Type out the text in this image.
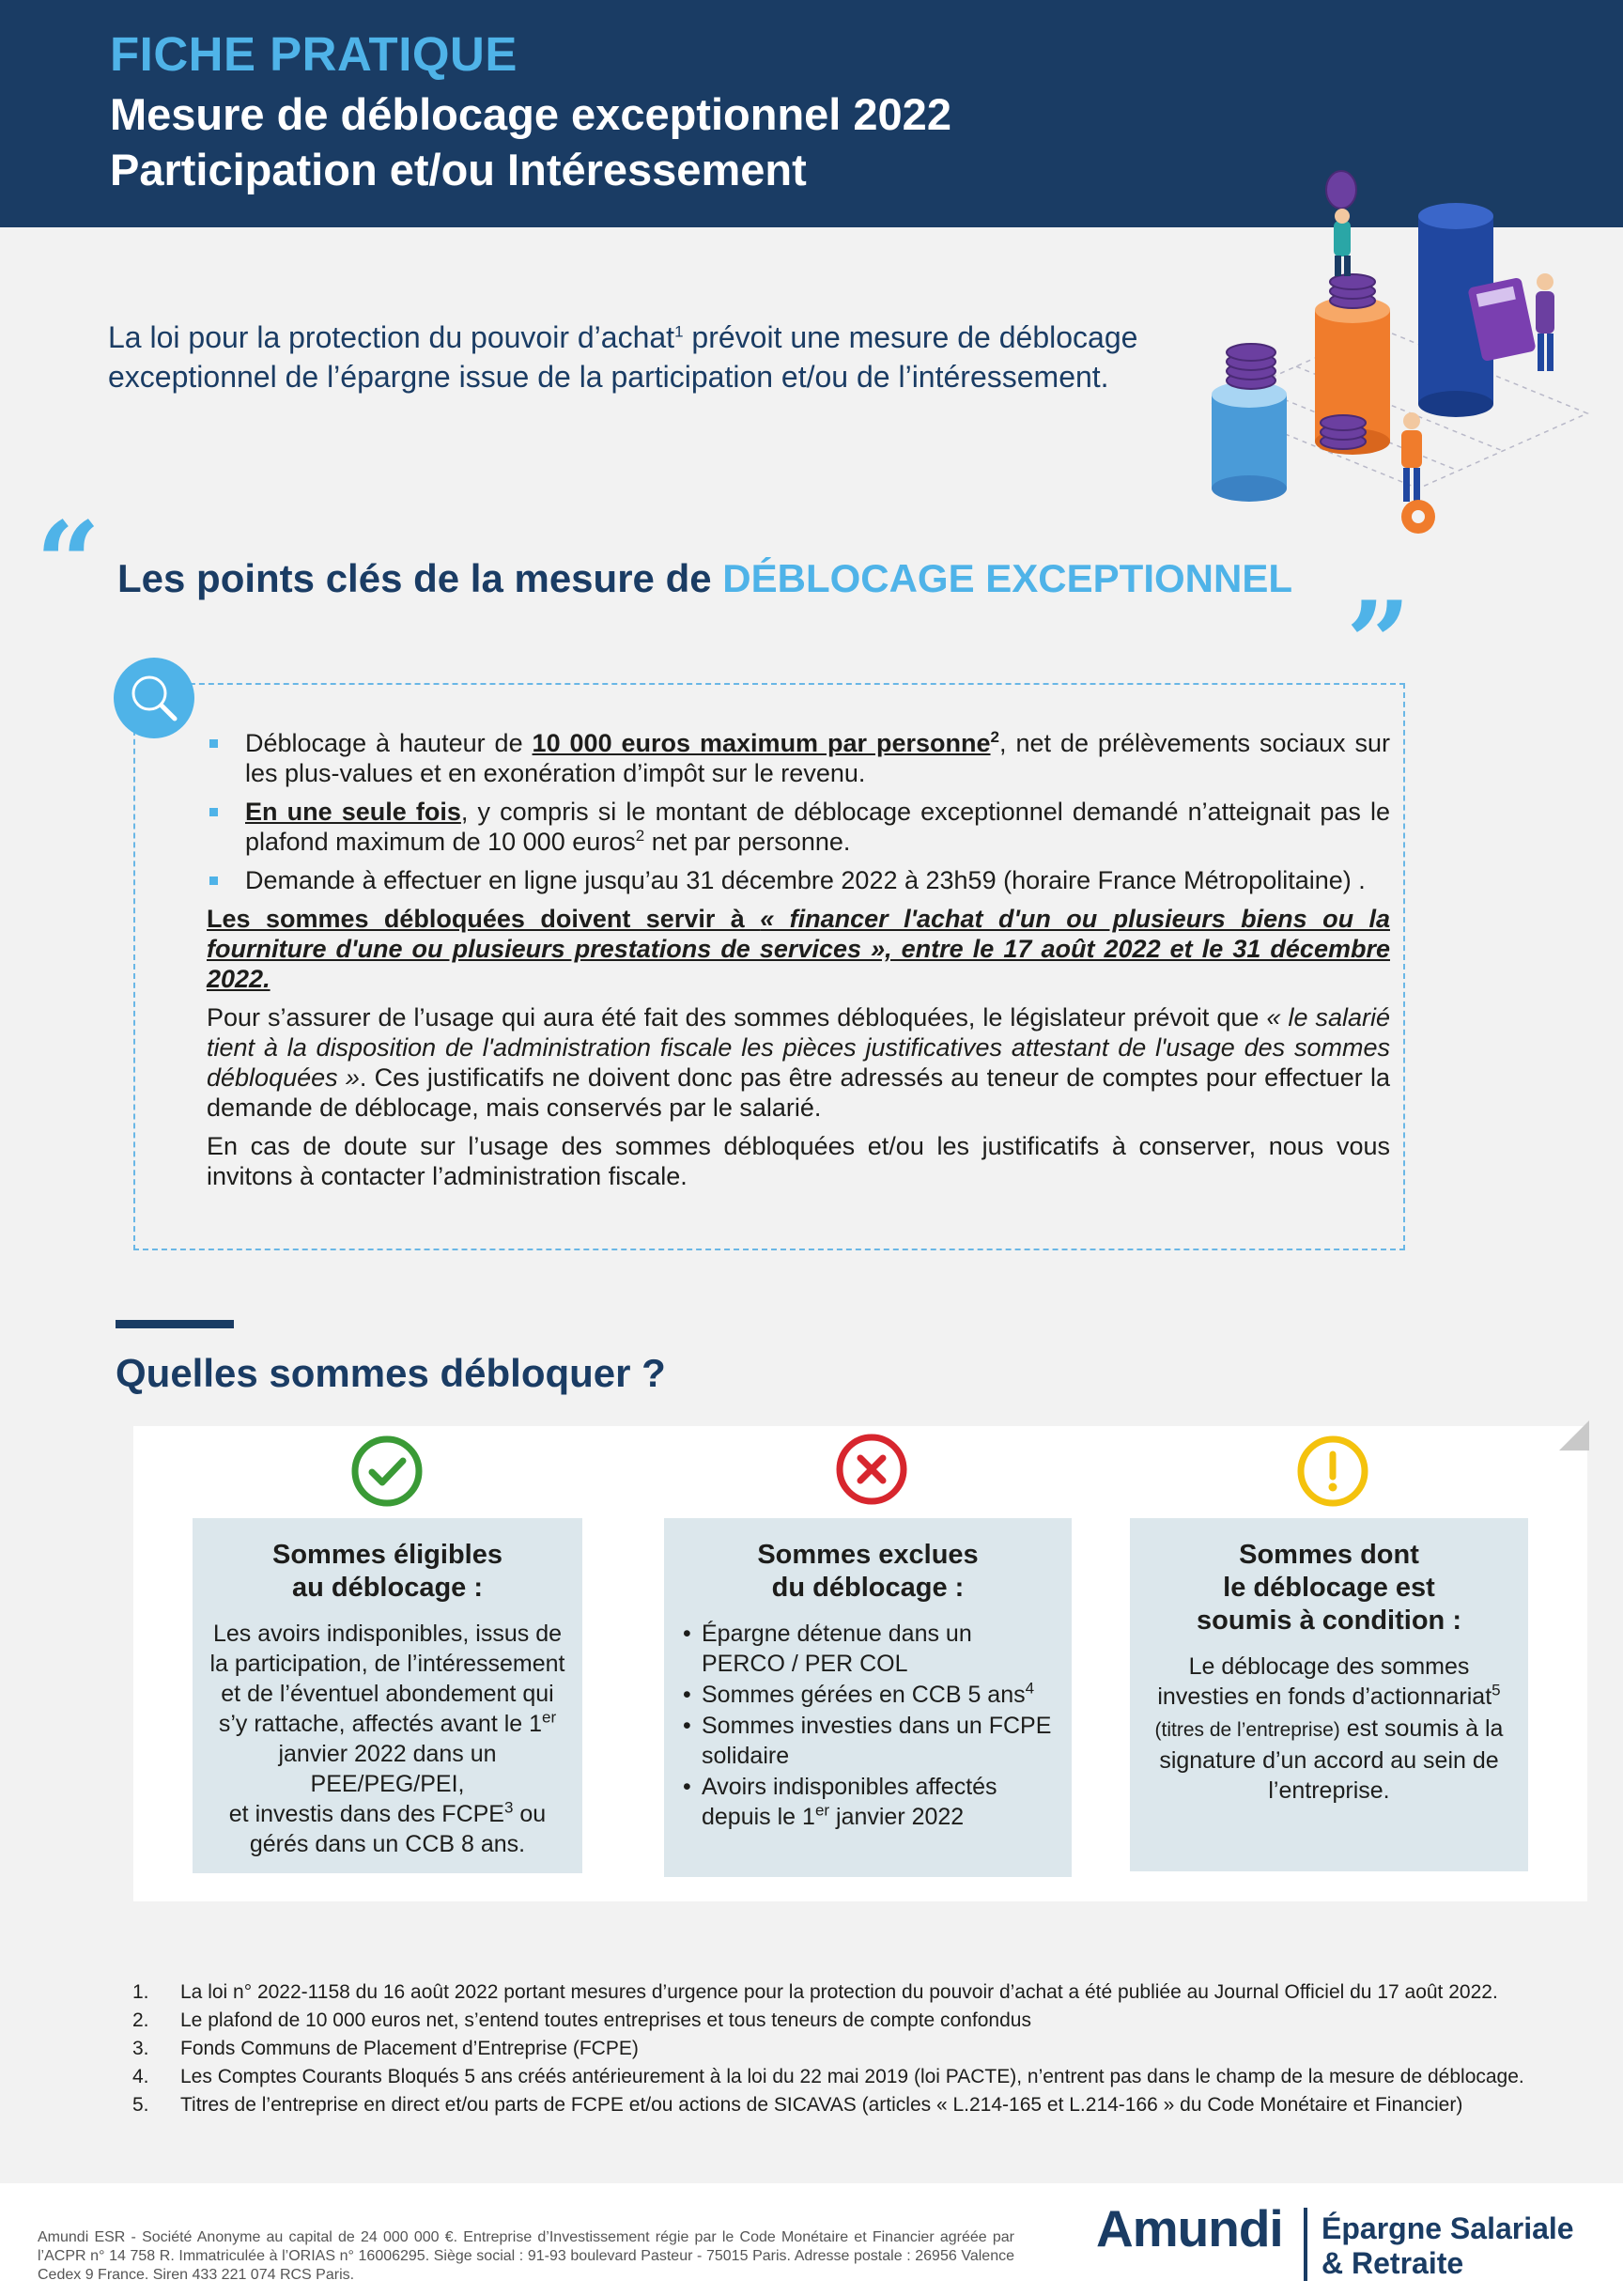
FICHE PRATIQUE
Mesure de déblocage exceptionnel 2022
Participation et/ou Intéressement
La loi pour la protection du pouvoir d’achat$^1$ prévoit une mesure de déblocage exceptionnel de l’épargne issue de la participation et/ou de l’intéressement.
“ Les points clés de la mesure de DÉBLOCAGE EXCEPTIONNEL ”
Déblocage à hauteur de 10 000 euros maximum par personne$^2$, net de prélèvements sociaux sur les plus-values et en exonération d’impôt sur le revenu.
En une seule fois, y compris si le montant de déblocage exceptionnel demandé n’atteignait pas le plafond maximum de 10 000 euros$^2$ net par personne.
Demande à effectuer en ligne jusqu’au 31 décembre 2022 à 23h59 (horaire France Métropolitaine) .

Les sommes débloquées doivent servir à « financer l'achat d'un ou plusieurs biens ou la fourniture d'une ou plusieurs prestations de services », entre le 17 août 2022 et le 31 décembre 2022.

Pour s’assurer de l’usage qui aura été fait des sommes débloquées, le législateur prévoit que « le salarié tient à la disposition de l'administration fiscale les pièces justificatives attestant de l'usage des sommes débloquées ». Ces justificatifs ne doivent donc pas être adressés au teneur de comptes pour effectuer la demande de déblocage, mais conservés par le salarié.

En cas de doute sur l’usage des sommes débloquées et/ou les justificatifs à conserver, nous vous invitons à contacter l’administration fiscale.

Quelles sommes débloquer ?
Sommes éligibles
au déblocage :
Les avoirs indisponibles, issus de la participation, de l’intéressement et de l’éventuel abondement qui s’y rattache, affectés avant le 1er janvier 2022 dans un PEE/PEG/PEI,
et investis dans des FCPE$^3$ ou gérés dans un CCB 8 ans.
Sommes exclues
du déblocage :
• Épargne détenue dans un PERCO / PER COL
• Sommes gérées en CCB 5 ans$^4$
• Sommes investies dans un FCPE solidaire
• Avoirs indisponibles affectés depuis le 1er janvier 2022
Sommes dont
le déblocage est
soumis à condition :
Le déblocage des sommes investies en fonds d’actionnariat$^5$ (titres de l’entreprise) est soumis à la signature d’un accord au sein de l’entreprise.
1. La loi n° 2022-1158 du 16 août 2022 portant mesures d’urgence pour la protection du pouvoir d’achat a été publiée au Journal Officiel du 17 août 2022.
2. Le plafond de 10 000 euros net, s’entend toutes entreprises et tous teneurs de compte confondus
3. Fonds Communs de Placement d’Entreprise (FCPE)
4. Les Comptes Courants Bloqués 5 ans créés antérieurement à la loi du 22 mai 2019 (loi PACTE), n’entrent pas dans le champ de la mesure de déblocage.
5. Titres de l’entreprise en direct et/ou parts de FCPE et/ou actions de SICAVAS (articles « L.214-165 et L.214-166 » du Code Monétaire et Financier)
Amundi ESR - Société Anonyme au capital de 24 000 000 €. Entreprise d’Investissement régie par le Code Monétaire et Financier agréée par l’ACPR n° 14 758 R. Immatriculée à l’ORIAS n° 16006295. Siège social : 91-93 boulevard Pasteur - 75015 Paris. Adresse postale : 26956 Valence Cedex 9 France. Siren 433 221 074 RCS Paris.
Amundi Épargne Salariale
& Retraite
